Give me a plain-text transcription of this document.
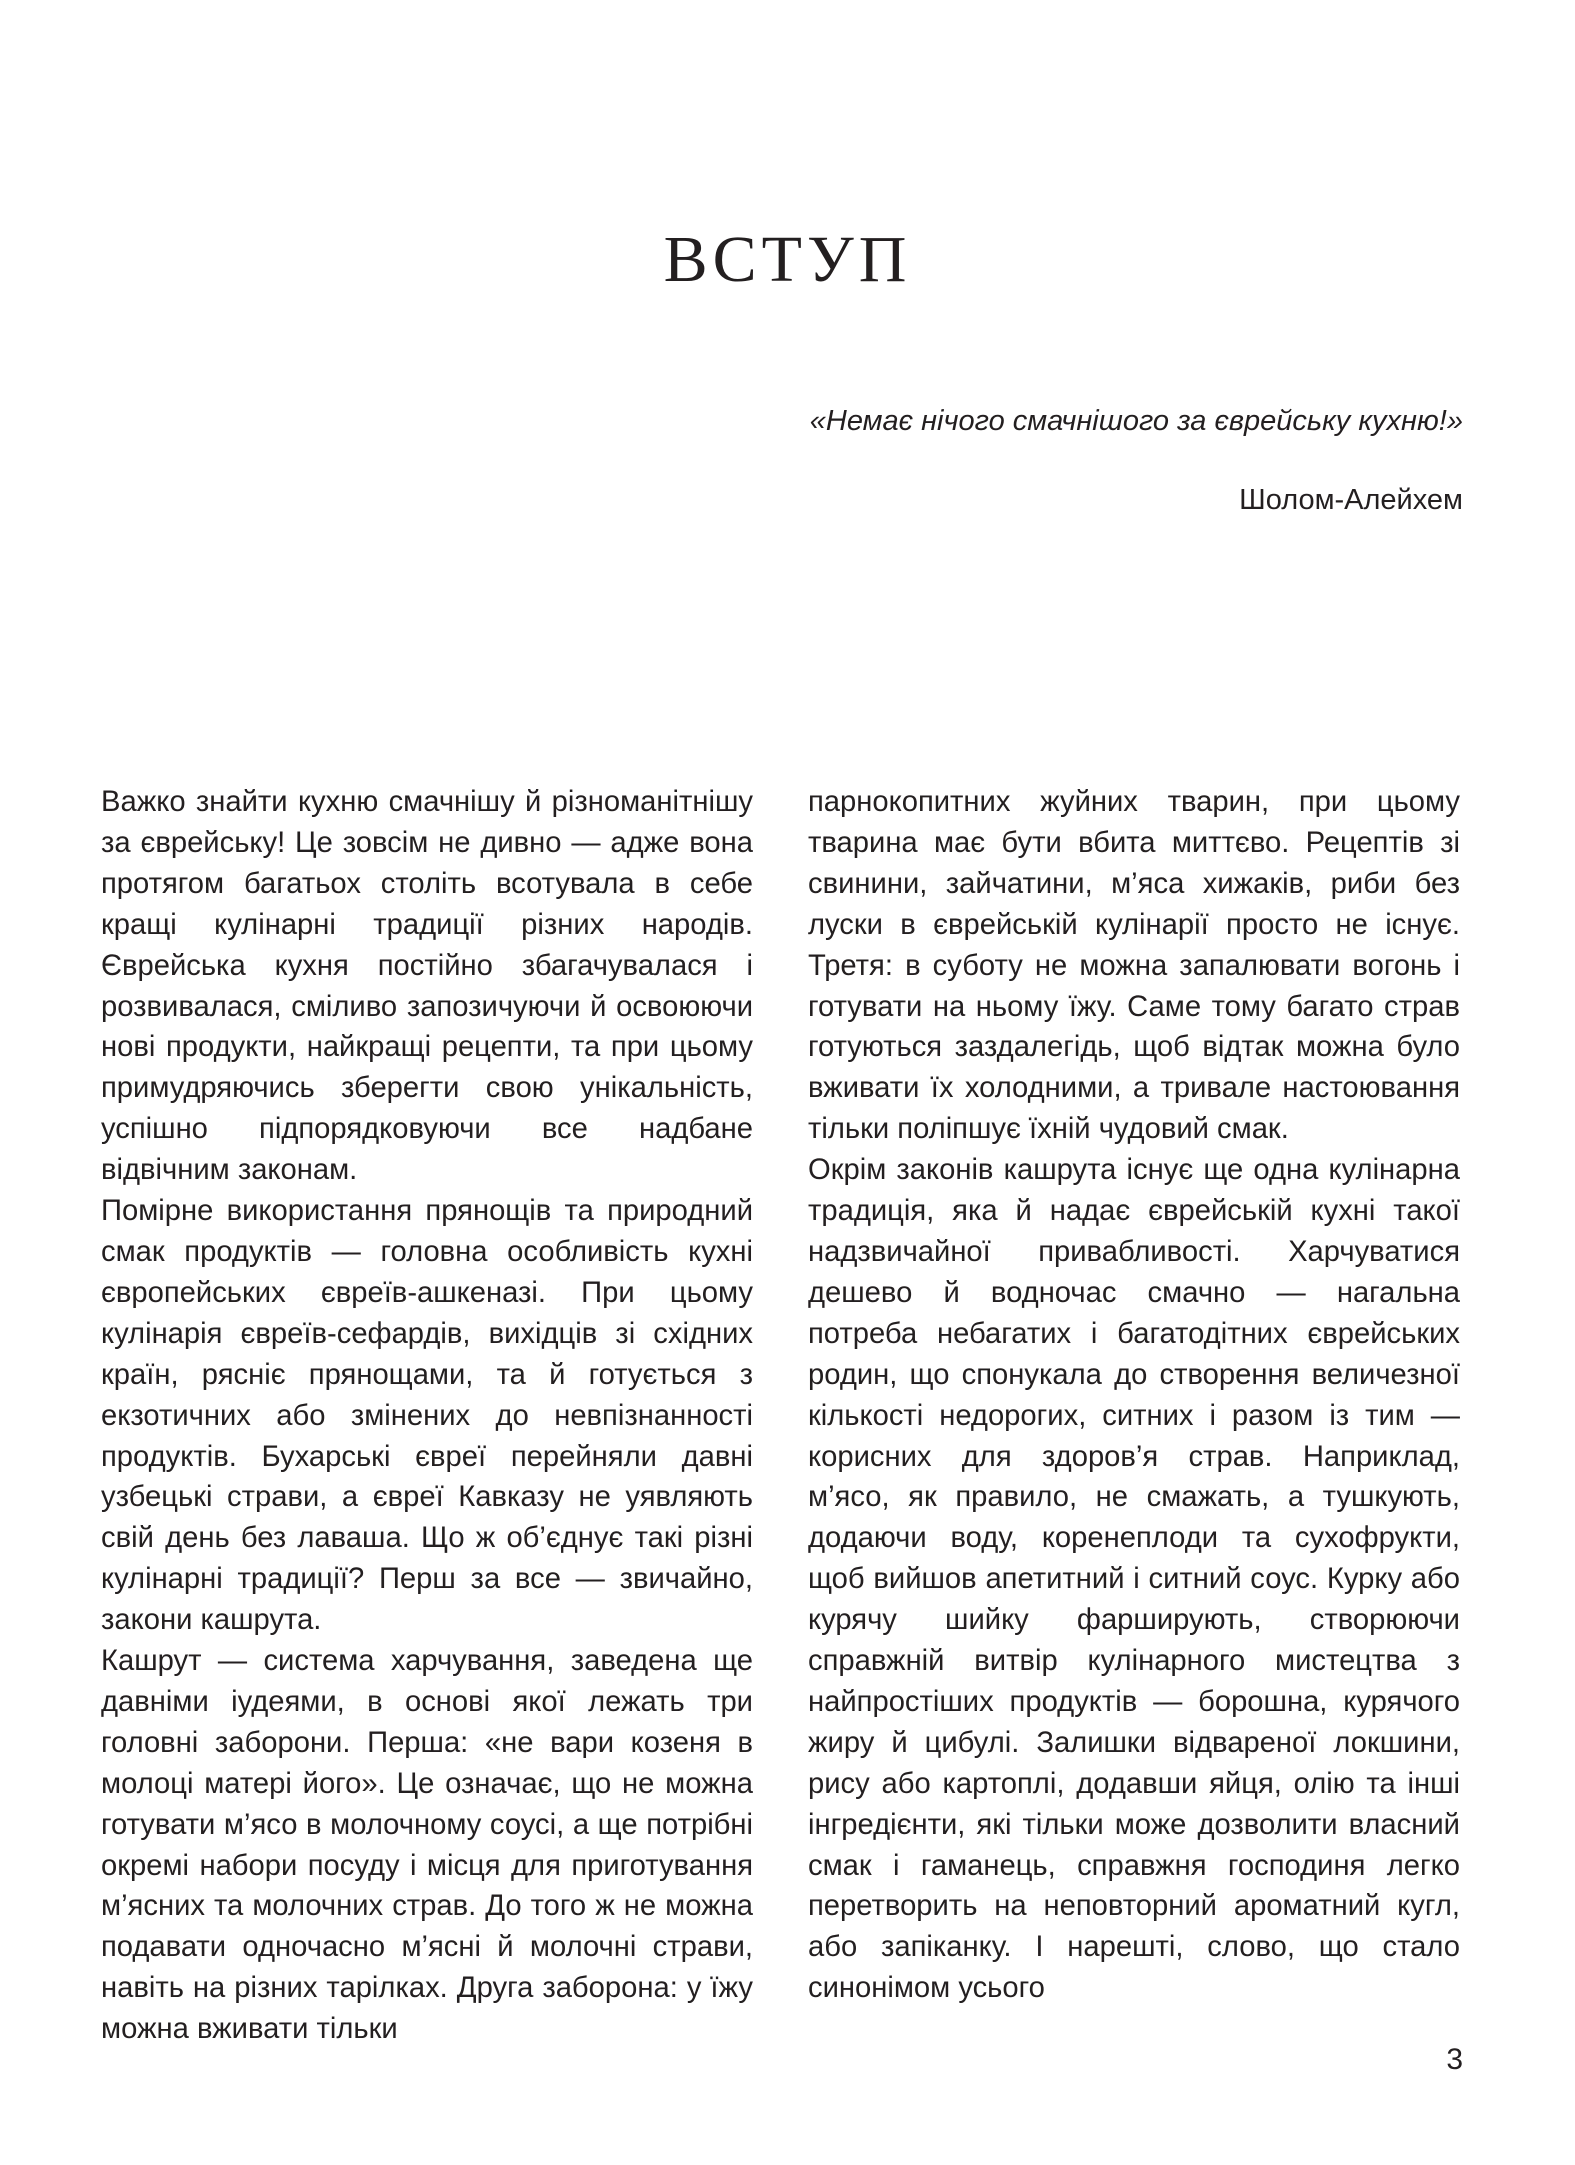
ВСТУП

«Немає нічого смачнішого за єврейську кухню!»

Шолом-Алейхем

Важко знайти кухню смачнішу й різноманітнішу за єврейську! Це зовсім не дивно — адже вона протягом багатьох століть всотувала в себе кращі кулінарні традиції різних народів. Єврейська кухня постійно збагачувалася і розвивалася, сміливо запозичуючи й освоюючи нові продукти, найкращі рецепти, та при цьому примудряючись зберегти свою унікальність, успішно підпорядковуючи все надбане відвічним законам.

Помірне використання прянощів та природний смак продуктів — головна особливість кухні європейських євреїв-ашкеназі. При цьому кулінарія євреїв-сефардів, вихідців зі східних країн, рясніє прянощами, та й готується з екзотичних або змінених до невпізнанності продуктів. Бухарські євреї перейняли давні узбецькі страви, а євреї Кавказу не уявляють свій день без лаваша. Що ж об’єднує такі різні кулінарні традиції? Перш за все — звичайно, закони кашрута.

Кашрут — система харчування, заведена ще давніми іудеями, в основі якої лежать три головні заборони. Перша: «не вари козеня в молоці матері його». Це означає, що не можна готувати м’ясо в молочному соусі, а ще потрібні окремі набори посуду і місця для приготування м’ясних та молочних страв. До того ж не можна подавати одночасно м’ясні й молочні страви, навіть на різних тарілках. Друга заборона: у їжу можна вживати тільки

парнокопитних жуйних тварин, при цьому тварина має бути вбита миттєво. Рецептів зі свинини, зайчатини, м’яса хижаків, риби без луски в єврейській кулінарії просто не існує. Третя: в суботу не можна запалювати вогонь і готувати на ньому їжу. Саме тому багато страв готуються заздалегідь, щоб відтак можна було вживати їх холодними, а тривале настоювання тільки поліпшує їхній чудовий смак.

Окрім законів кашрута існує ще одна кулінарна традиція, яка й надає єврейській кухні такої надзвичайної привабливості. Харчуватися дешево й водночас смачно — нагальна потреба небагатих і багатодітних єврейських родин, що спонукала до створення величезної кількості недорогих, ситних і разом із тим — корисних для здоров’я страв. Наприклад, м’ясо, як правило, не смажать, а тушкують, додаючи воду, коренеплоди та сухофрукти, щоб вийшов апетитний і ситний соус. Курку або курячу шийку фарширують, створюючи справжній витвір кулінарного мистецтва з найпростіших продуктів — борошна, курячого жиру й цибулі. Залишки відвареної локшини, рису або картоплі, додавши яйця, олію та інші інгредієнти, які тільки може дозволити власний смак і гаманець, справжня господиня легко перетворить на неповторний ароматний кугл, або запіканку. І нарешті, слово, що стало синонімом усього

3
